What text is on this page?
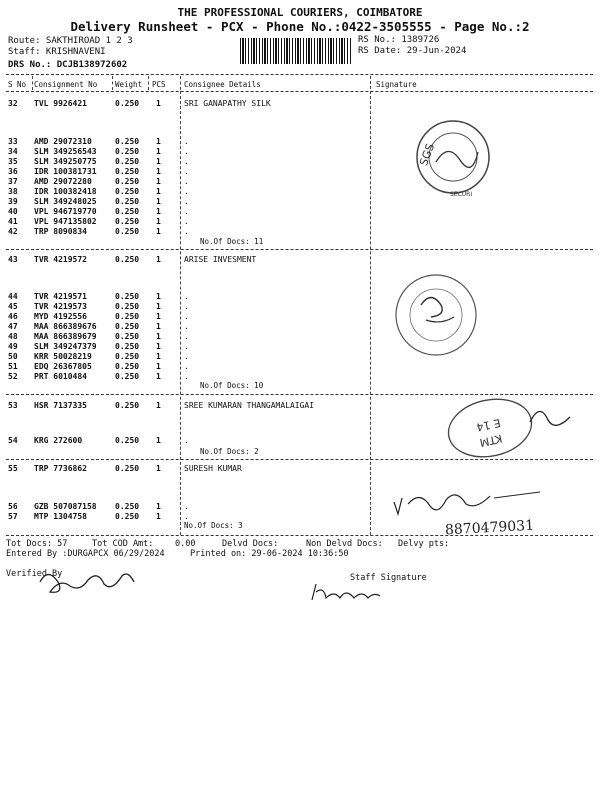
THE PROFESSIONAL COURIERS, COIMBATORE
Delivery Runsheet - PCX - Phone No.:0422-3505555 - Page No.:2
Route: SAKTHIROAD 1 2 3
Staff: KRISHNAVENI
DRS No.: DCJB138972602
RS No.: 1389726
RS Date: 29-Jun-2024
S No Consignment No Weight PCS Consignee Details	Signature
32 TVL 9926421	0.250 1	SRI GANAPATHY SILK
33 AMD 29072310	0.250 1	.
34 SLM 349256543 0.250 1	.
35 SLM 349250775 0.250 1	.
36 IDR 100381731 0.250 1	.
37 AMD 29072280	0.250 1	.
38 IDR 100382418 0.250 1	.
39 SLM 349248025 0.250 1	.
40 VPL 946719770 0.250 1	.
41 VPL 947135802 0.250 1	.
42 TRP 8090834	0.250 1	.
No.Of Docs: 11
43 TVR 4219572	0.250 1	ARISE INVESMENT
44 TVR 4219571	0.250 1	.
45 TVR 4219573	0.250 1	.
46 MYD 4192556	0.250 1	.
47 MAA 866389676 0.250 1	.
48 MAA 866389679 0.250 1	.
49 SLM 349247379 0.250 1	.
50 KRR 50028219	0.250 1	.
51 EDQ 26367805	0.250 1	.
52 PRT 6010484	0.250 1	.
No.Of Docs: 10
53 HSR 7137335	0.250 1	SREE KUMARAN THANGAMALAIGAI
54 KRG 272600	0.250 1	.
No.Of Docs: 2
55 TRP 7736862	0.250 1	SURESH KUMAR
56 GZB 507087158 0.250 1	.
57 MTP 1304758	0.250 1	.
No.Of Docs: 3
Tot Docs: 57	Tot COD Amt:	0.00	Delvd Docs:	Non Delvd Docs: Delvy pts:
Entered By :DURGAPCX 06/29/2024	Printed on: 29-06-2024 10:36:50
Verified By	Staff Signature
SGS
SECURI
E 14
KTM
8870479031
